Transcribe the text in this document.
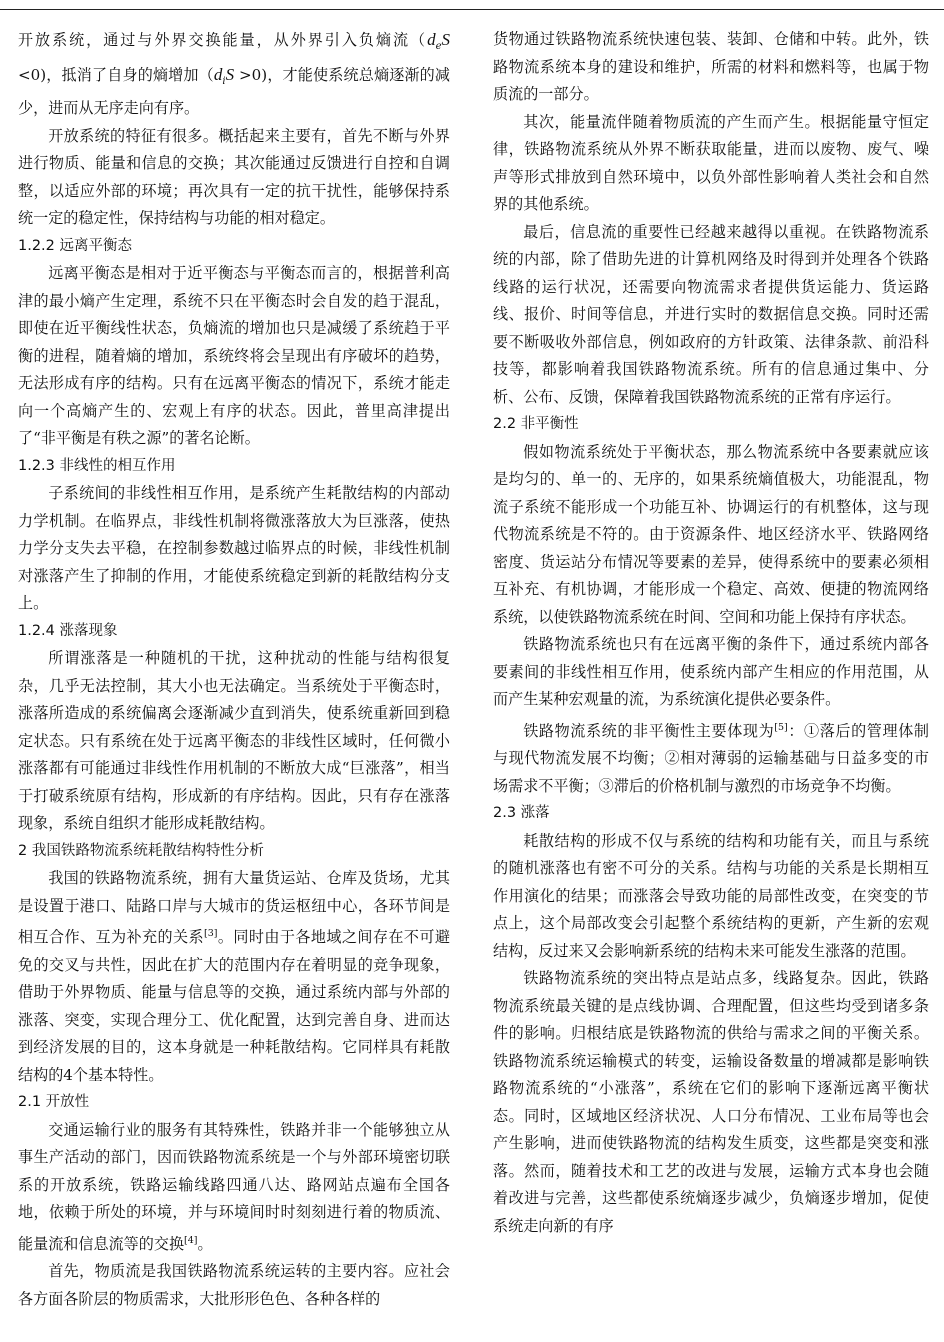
开放系统，通过与外界交换能量，从外界引入负熵流$(d_eS <0)$，抵消了自身的熵增加$(d_iS >0)$，才能使系统总熵逐渐的减少，进而从无序走向有序。

开放系统的特征有很多。概括起来主要有，首先不断与外界进行物质、能量和信息的交换；其次能通过反馈进行自控和自调整，以适应外部的环境；再次具有一定的抗干扰性，能够保持系统一定的稳定性，保持结构与功能的相对稳定。

1.2.2 远离平衡态

远离平衡态是相对于近平衡态与平衡态而言的，根据普利高津的最小熵产生定理，系统不只在平衡态时会自发的趋于混乱，即使在近平衡线性状态，负熵流的增加也只是减缓了系统趋于平衡的进程，随着熵的增加，系统终将会呈现出有序破坏的趋势，无法形成有序的结构。只有在远离平衡态的情况下，系统才能走向一个高熵产生的、宏观上有序的状态。因此，普里高津提出了“非平衡是有秩之源”的著名论断。

1.2.3 非线性的相互作用

子系统间的非线性相互作用，是系统产生耗散结构的内部动力学机制。在临界点，非线性机制将微涨落放大为巨涨落，使热力学分支失去平稳，在控制参数越过临界点的时候，非线性机制对涨落产生了抑制的作用，才能使系统稳定到新的耗散结构分支上。

1.2.4 涨落现象

所谓涨落是一种随机的干扰，这种扰动的性能与结构很复杂，几乎无法控制，其大小也无法确定。当系统处于平衡态时，涨落所造成的系统偏离会逐渐减少直到消失，使系统重新回到稳定状态。只有系统在处于远离平衡态的非线性区域时，任何微小涨落都有可能通过非线性作用机制的不断放大成“巨涨落”，相当于打破系统原有结构，形成新的有序结构。因此，只有存在涨落现象，系统自组织才能形成耗散结构。

2 我国铁路物流系统耗散结构特性分析

我国的铁路物流系统，拥有大量货运站、仓库及货场，尤其是设置于港口、陆路口岸与大城市的货运枢纽中心，各环节间是相互合作、互为补充的关系[3]。同时由于各地域之间存在不可避免的交叉与共性，因此在扩大的范围内存在着明显的竞争现象，借助于外界物质、能量与信息等的交换，通过系统内部与外部的涨落、突变，实现合理分工、优化配置，达到完善自身、进而达到经济发展的目的，这本身就是一种耗散结构。它同样具有耗散结构的4个基本特性。

2.1 开放性

交通运输行业的服务有其特殊性，铁路并非一个能够独立从事生产活动的部门，因而铁路物流系统是一个与外部环境密切联系的开放系统，铁路运输线路四通八达、路网站点遍布全国各地，依赖于所处的环境，并与环境间时时刻刻进行着的物质流、能量流和信息流等的交换[4]。

首先，物质流是我国铁路物流系统运转的主要内容。应社会各方面各阶层的物质需求，大批形形色色、各种各样的

货物通过铁路物流系统快速包装、装卸、仓储和中转。此外，铁路物流系统本身的建设和维护，所需的材料和燃料等，也属于物质流的一部分。

其次，能量流伴随着物质流的产生而产生。根据能量守恒定律，铁路物流系统从外界不断获取能量，进而以废物、废气、噪声等形式排放到自然环境中，以负外部性影响着人类社会和自然界的其他系统。

最后，信息流的重要性已经越来越得以重视。在铁路物流系统的内部，除了借助先进的计算机网络及时得到并处理各个铁路线路的运行状况，还需要向物流需求者提供货运能力、货运路线、报价、时间等信息，并进行实时的数据信息交换。同时还需要不断吸收外部信息，例如政府的方针政策、法律条款、前沿科技等，都影响着我国铁路物流系统。所有的信息通过集中、分析、公布、反馈，保障着我国铁路物流系统的正常有序运行。

2.2 非平衡性

假如物流系统处于平衡状态，那么物流系统中各要素就应该是均匀的、单一的、无序的，如果系统熵值极大，功能混乱，物流子系统不能形成一个功能互补、协调运行的有机整体，这与现代物流系统是不符的。由于资源条件、地区经济水平、铁路网络密度、货运站分布情况等要素的差异，使得系统中的要素必须相互补充、有机协调，才能形成一个稳定、高效、便捷的物流网络系统，以使铁路物流系统在时间、空间和功能上保持有序状态。

铁路物流系统也只有在远离平衡的条件下，通过系统内部各要素间的非线性相互作用，使系统内部产生相应的作用范围，从而产生某种宏观量的流，为系统演化提供必要条件。

铁路物流系统的非平衡性主要体现为[5]：①落后的管理体制与现代物流发展不均衡；②相对薄弱的运输基础与日益多变的市场需求不平衡；③滞后的价格机制与激烈的市场竞争不均衡。

2.3 涨落

耗散结构的形成不仅与系统的结构和功能有关，而且与系统的随机涨落也有密不可分的关系。结构与功能的关系是长期相互作用演化的结果；而涨落会导致功能的局部性改变，在突变的节点上，这个局部改变会引起整个系统结构的更新，产生新的宏观结构，反过来又会影响新系统的结构未来可能发生涨落的范围。

铁路物流系统的突出特点是站点多，线路复杂。因此，铁路物流系统最关键的是点线协调、合理配置，但这些均受到诸多条件的影响。归根结底是铁路物流的供给与需求之间的平衡关系。铁路物流系统运输模式的转变，运输设备数量的增减都是影响铁路物流系统的“小涨落”，系统在它们的影响下逐渐远离平衡状态。同时，区域地区经济状况、人口分布情况、工业布局等也会产生影响，进而使铁路物流的结构发生质变，这些都是突变和涨落。然而，随着技术和工艺的改进与发展，运输方式本身也会随着改进与完善，这些都使系统熵逐步减少，负熵逐步增加，促使系统走向新的有序
